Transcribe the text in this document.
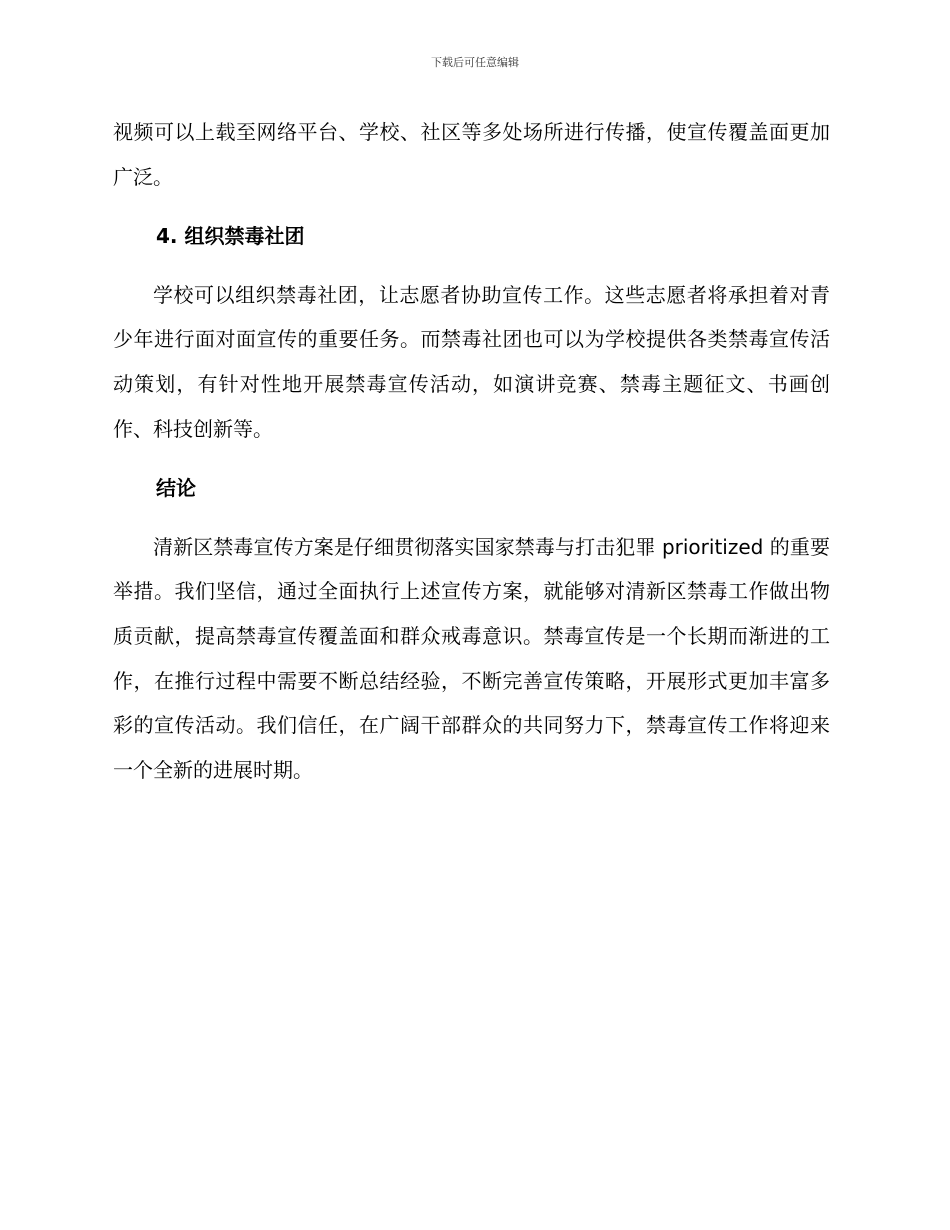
下载后可任意编辑

视频可以上载至网络平台、学校、社区等多处场所进行传播，使宣传覆盖面更加广泛。

4. 组织禁毒社团

学校可以组织禁毒社团，让志愿者协助宣传工作。这些志愿者将承担着对青少年进行面对面宣传的重要任务。而禁毒社团也可以为学校提供各类禁毒宣传活动策划，有针对性地开展禁毒宣传活动，如演讲竞赛、禁毒主题征文、书画创作、科技创新等。

结论

清新区禁毒宣传方案是仔细贯彻落实国家禁毒与打击犯罪 prioritized 的重要举措。我们坚信，通过全面执行上述宣传方案，就能够对清新区禁毒工作做出物质贡献，提高禁毒宣传覆盖面和群众戒毒意识。禁毒宣传是一个长期而渐进的工作，在推行过程中需要不断总结经验，不断完善宣传策略，开展形式更加丰富多彩的宣传活动。我们信任，在广阔干部群众的共同努力下，禁毒宣传工作将迎来一个全新的进展时期。
